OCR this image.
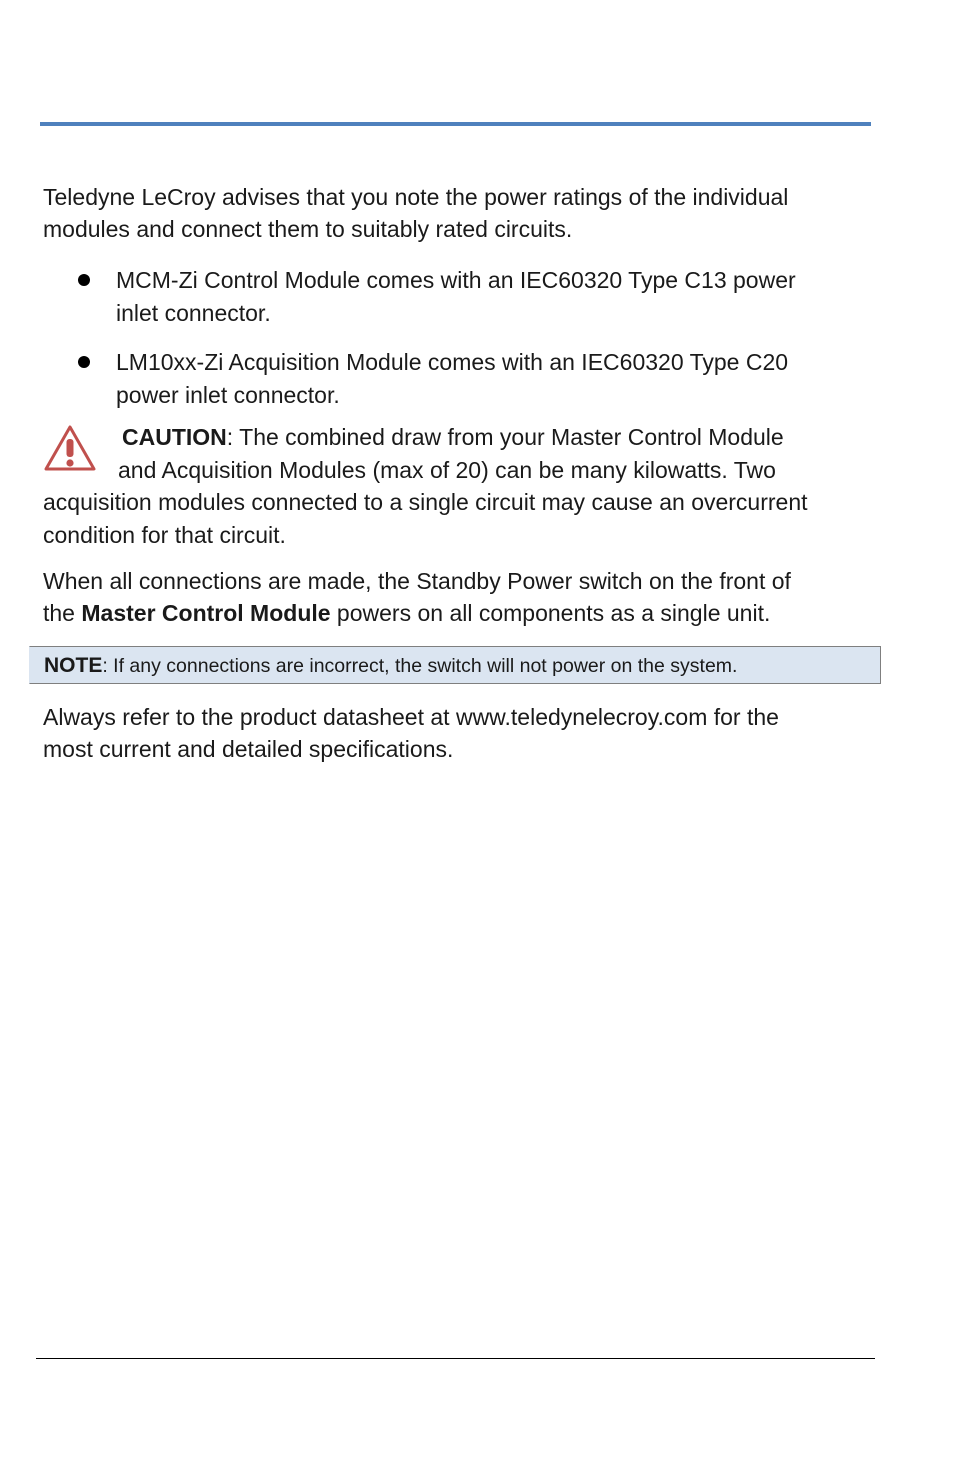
Teledyne LeCroy advises that you note the power ratings of the individual

modules and connect them to suitably rated circuits.

MCM-Zi Control Module comes with an IEC60320 Type C13 power

inlet connector.

LM10xx-Zi Acquisition Module comes with an IEC60320 Type C20

power inlet connector.

CAUTION: The combined draw from your Master Control Module

and Acquisition Modules (max of 20) can be many kilowatts. Two

acquisition modules connected to a single circuit may cause an overcurrent

condition for that circuit.

When all connections are made, the Standby Power switch on the front of

the Master Control Module powers on all components as a single unit.

NOTE: If any connections are incorrect, the switch will not power on the system.

Always refer to the product datasheet at www.teledynelecroy.com for the

most current and detailed specifications.
